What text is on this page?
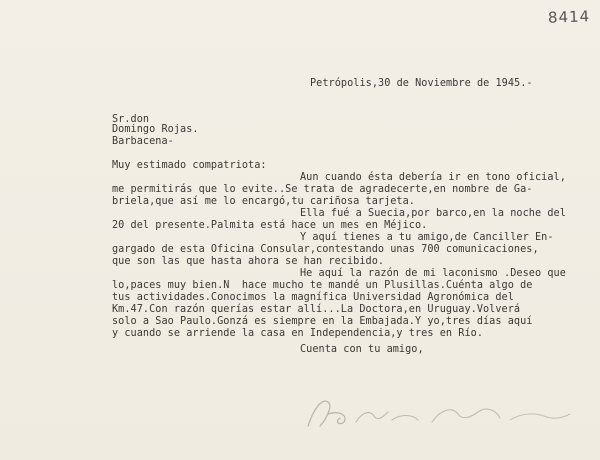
8414
Petrópolis,30 de Noviembre de 1945.-
Sr.don
Domingo Rojas.
Barbacena-
Muy estimado compatriota:
Aun cuando ésta debería ir en tono oficial,
me permitirás que lo evite..Se trata de agradecerte,en nombre de Ga-
briela,que así me lo encargó,tu cariñosa tarjeta.
Ella fué a Suecia,por barco,en la noche del
20 del presente.Palmita está hace un mes en Méjico.
Y aquí tienes a tu amigo,de Canciller En-
gargado de esta Oficina Consular,contestando unas 700 comunicaciones,
que son las que hasta ahora se han recibido.
He aquí la razón de mi laconismo .Deseo que
lo,paces muy bien.N  hace mucho te mandé un Plusillas.Cuénta algo de
tus actividades.Conocimos la magnífica Universidad Agronómica del
Km.47.Con razón querías estar allí...La Doctora,en Uruguay.Volverá
solo a Sao Paulo.Gonzá es siempre en la Embajada.Y yo,tres días aquí
y cuando se arriende la casa en Independencia,y tres en Río.
Cuenta con tu amigo,
